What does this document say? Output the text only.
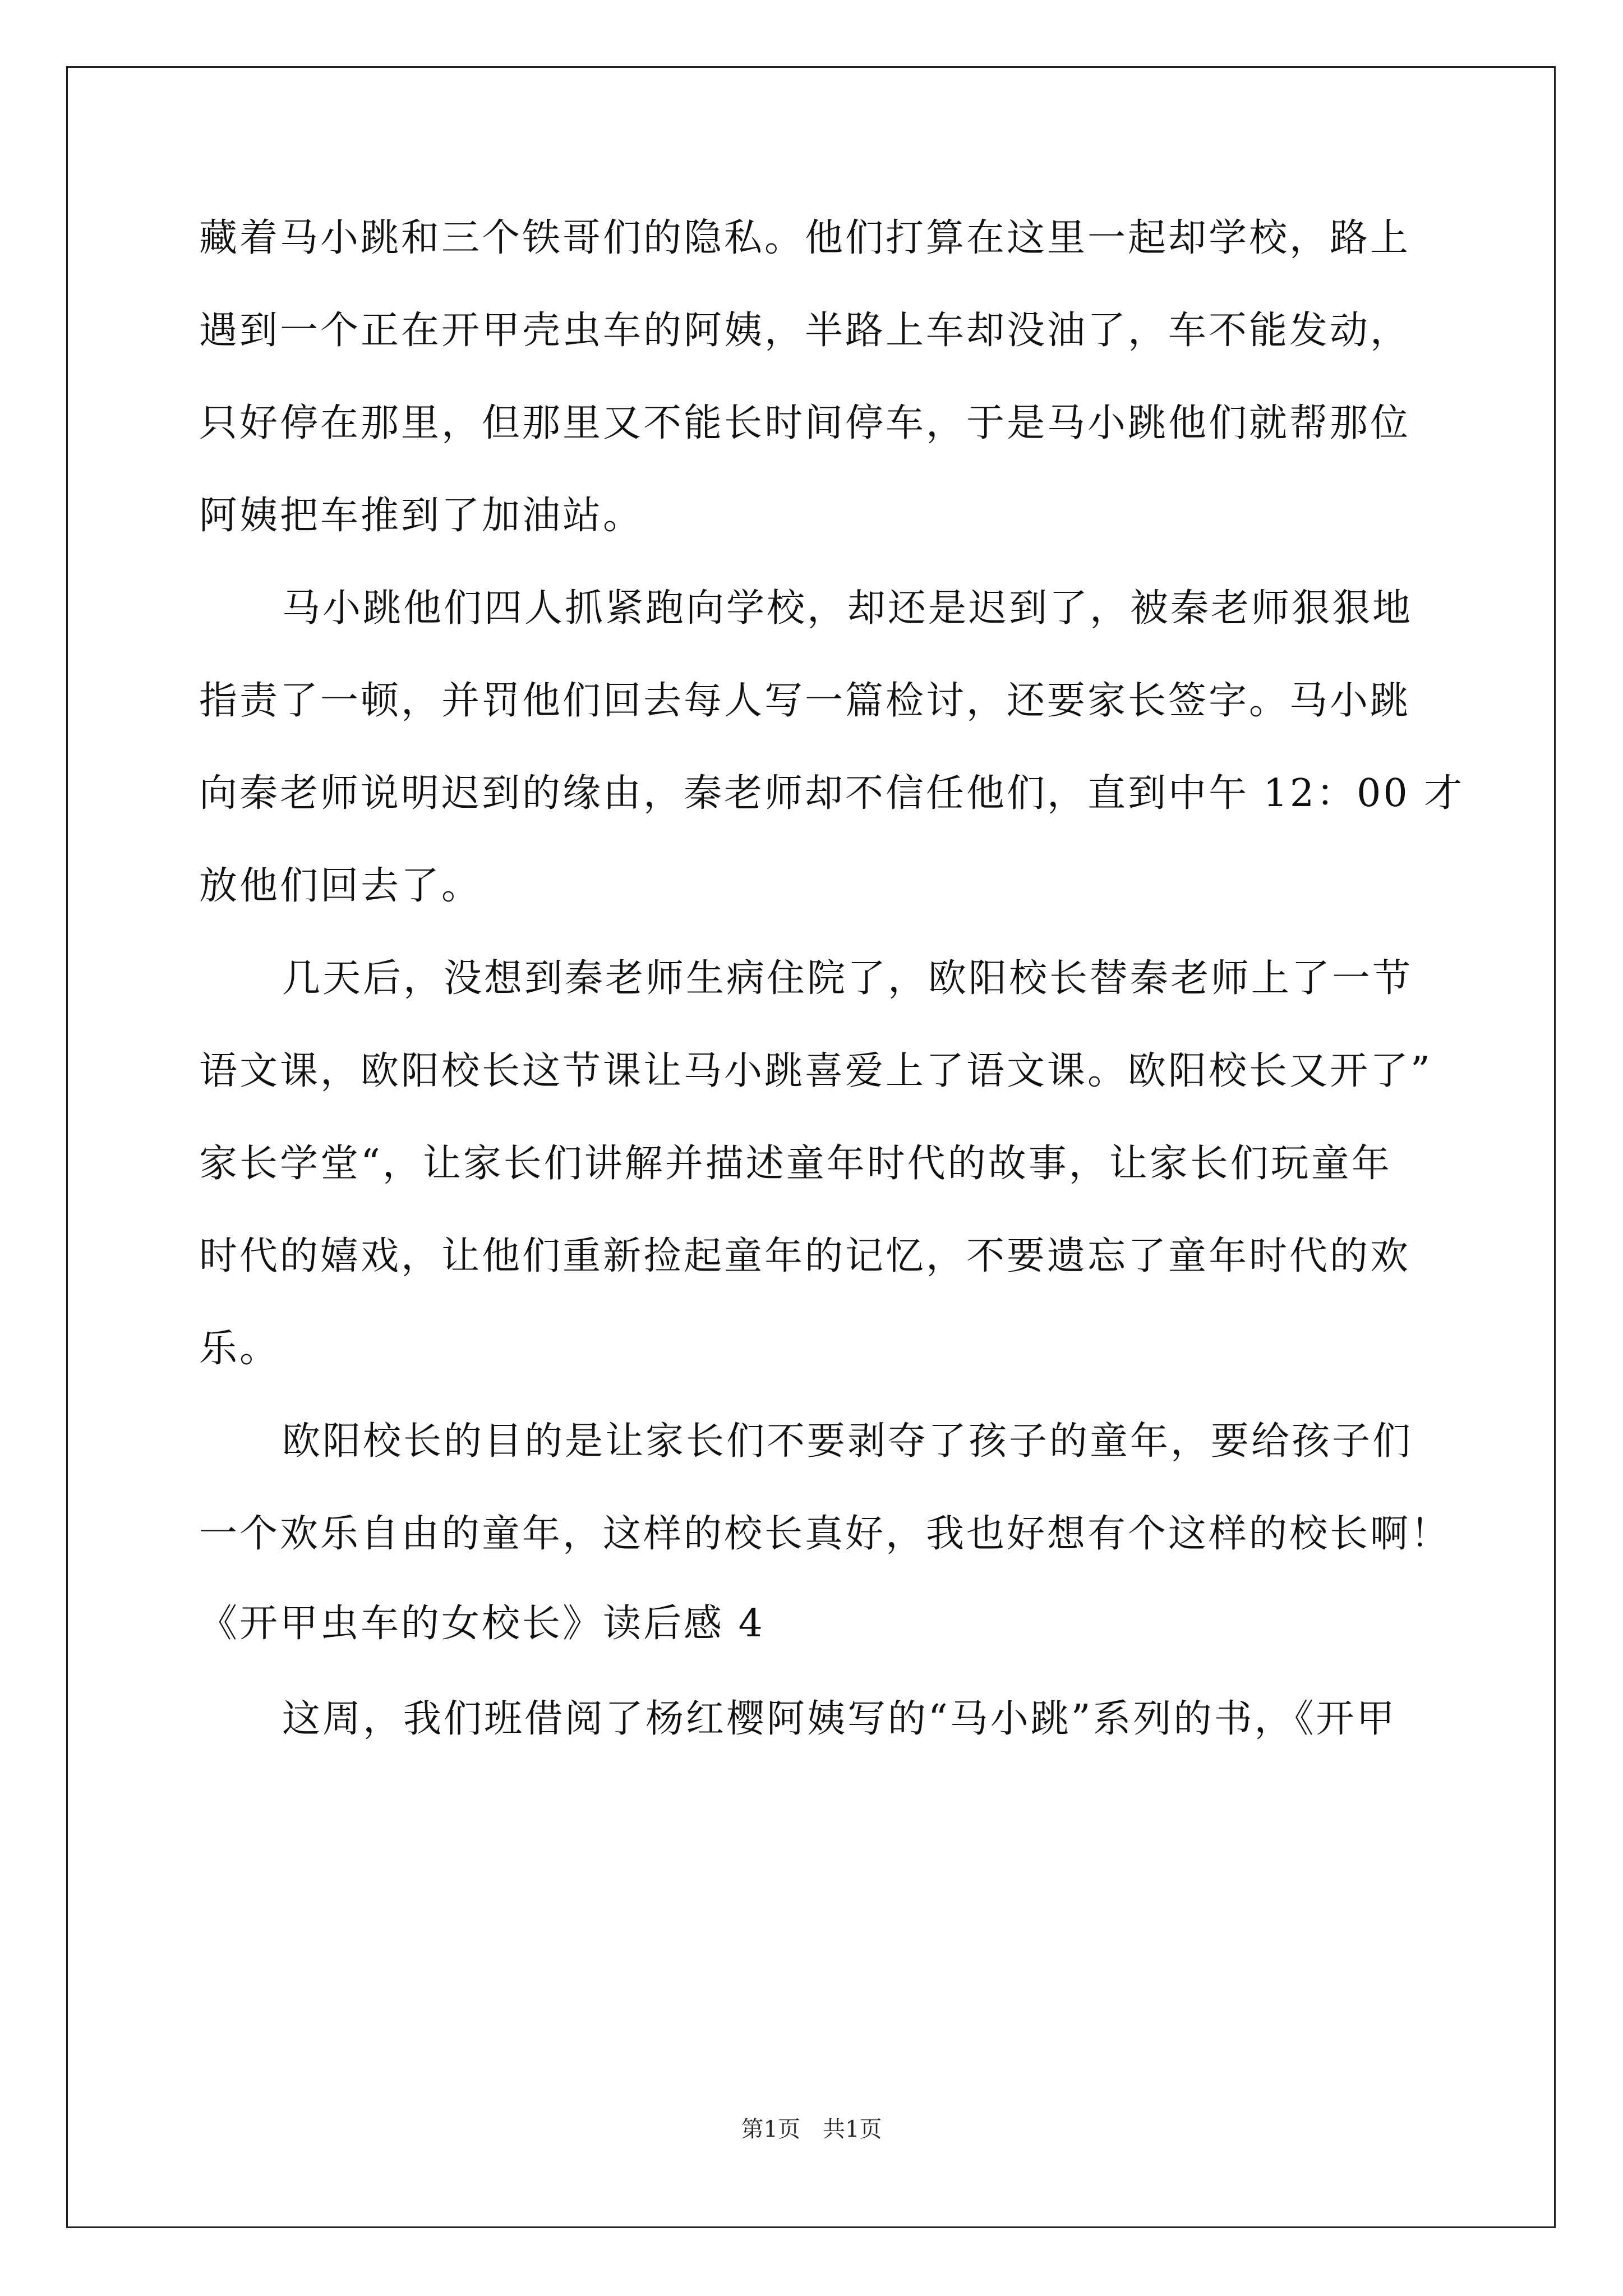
藏着马小跳和三个铁哥们的隐私。他们打算在这里一起却学校，路上
遇到一个正在开甲壳虫车的阿姨，半路上车却没油了，车不能发动，
只好停在那里，但那里又不能长时间停车，于是马小跳他们就帮那位
阿姨把车推到了加油站。
马小跳他们四人抓紧跑向学校，却还是迟到了，被秦老师狠狠地
指责了一顿，并罚他们回去每人写一篇检讨，还要家长签字。马小跳
向秦老师说明迟到的缘由，秦老师却不信任他们，直到中午 12：00 才
放他们回去了。
几天后，没想到秦老师生病住院了，欧阳校长替秦老师上了一节
语文课，欧阳校长这节课让马小跳喜爱上了语文课。欧阳校长又开了”
家长学堂“，让家长们讲解并描述童年时代的故事，让家长们玩童年
时代的嬉戏，让他们重新捡起童年的记忆，不要遗忘了童年时代的欢
乐。
欧阳校长的目的是让家长们不要剥夺了孩子的童年，要给孩子们
一个欢乐自由的童年，这样的校长真好，我也好想有个这样的校长啊！
《开甲虫车的女校长》读后感 4
这周，我们班借阅了杨红樱阿姨写的“马小跳”系列的书，《开甲
第1页　共1页
